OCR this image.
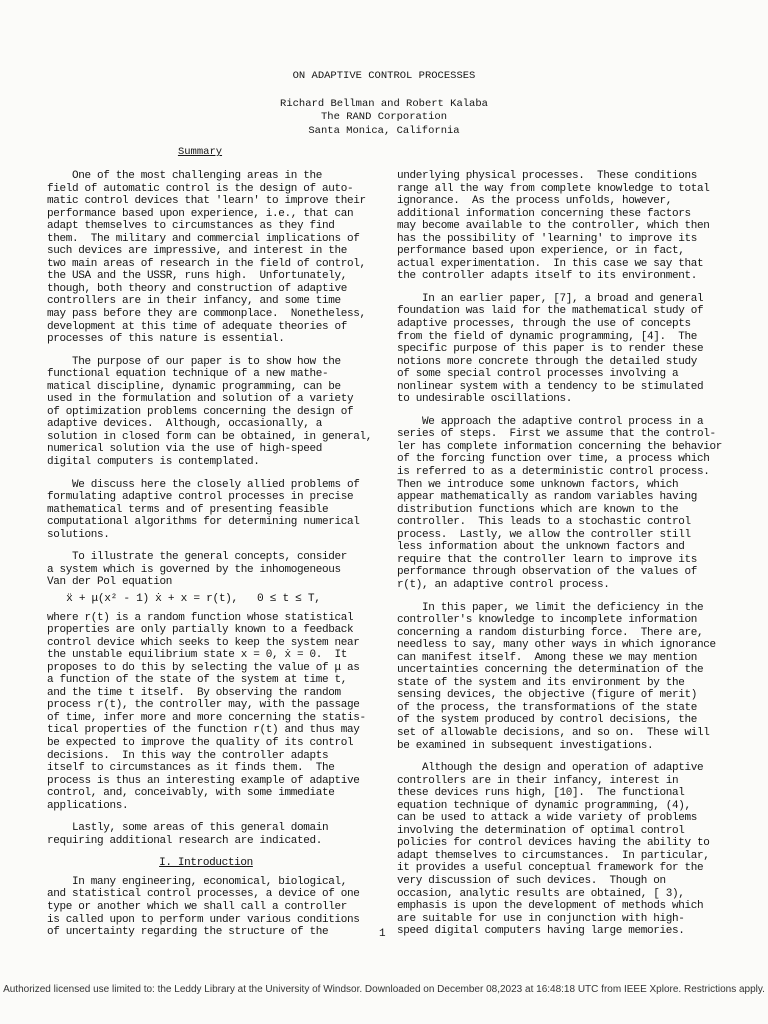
ON ADAPTIVE CONTROL PROCESSES
Richard Bellman and Robert Kalaba
The RAND Corporation
Santa Monica, California
Summary
One of the most challenging areas in the
field of automatic control is the design of auto-
matic control devices that 'learn' to improve their
performance based upon experience, i.e., that can
adapt themselves to circumstances as they find
them.  The military and commercial implications of
such devices are impressive, and interest in the
two main areas of research in the field of control,
the USA and the USSR, runs high.  Unfortunately,
though, both theory and construction of adaptive
controllers are in their infancy, and some time
may pass before they are commonplace.  Nonetheless,
development at this time of adequate theories of
processes of this nature is essential.
The purpose of our paper is to show how the
functional equation technique of a new mathe-
matical discipline, dynamic programming, can be
used in the formulation and solution of a variety
of optimization problems concerning the design of
adaptive devices.  Although, occasionally, a
solution in closed form can be obtained, in general,
numerical solution via the use of high-speed
digital computers is contemplated.
We discuss here the closely allied problems of
formulating adaptive control processes in precise
mathematical terms and of presenting feasible
computational algorithms for determining numerical
solutions.
To illustrate the general concepts, consider
a system which is governed by the inhomogeneous
Van der Pol equation
ẍ + μ(x² - 1) ẋ + x = r(t),   0 ≤ t ≤ T,
where r(t) is a random function whose statistical
properties are only partially known to a feedback
control device which seeks to keep the system near
the unstable equilibrium state x = 0, ẋ = 0.  It
proposes to do this by selecting the value of μ as
a function of the state of the system at time t,
and the time t itself.  By observing the random
process r(t), the controller may, with the passage
of time, infer more and more concerning the statis-
tical properties of the function r(t) and thus may
be expected to improve the quality of its control
decisions.  In this way the controller adapts
itself to circumstances as it finds them.  The
process is thus an interesting example of adaptive
control, and, conceivably, with some immediate
applications.
Lastly, some areas of this general domain
requiring additional research are indicated.
I. Introduction
In many engineering, economical, biological,
and statistical control processes, a device of one
type or another which we shall call a controller
is called upon to perform under various conditions
of uncertainty regarding the structure of the
underlying physical processes.  These conditions
range all the way from complete knowledge to total
ignorance.  As the process unfolds, however,
additional information concerning these factors
may become available to the controller, which then
has the possibility of 'learning' to improve its
performance based upon experience, or in fact,
actual experimentation.  In this case we say that
the controller adapts itself to its environment.
In an earlier paper, [7], a broad and general
foundation was laid for the mathematical study of
adaptive processes, through the use of concepts
from the field of dynamic programming, [4].  The
specific purpose of this paper is to render these
notions more concrete through the detailed study
of some special control processes involving a
nonlinear system with a tendency to be stimulated
to undesirable oscillations.
We approach the adaptive control process in a
series of steps.  First we assume that the control-
ler has complete information concerning the behavior
of the forcing function over time, a process which
is referred to as a deterministic control process.
Then we introduce some unknown factors, which
appear mathematically as random variables having
distribution functions which are known to the
controller.  This leads to a stochastic control
process.  Lastly, we allow the controller still
less information about the unknown factors and
require that the controller learn to improve its
performance through observation of the values of
r(t), an adaptive control process.
In this paper, we limit the deficiency in the
controller's knowledge to incomplete information
concerning a random disturbing force.  There are,
needless to say, many other ways in which ignorance
can manifest itself.  Among these we may mention
uncertainties concerning the determination of the
state of the system and its environment by the
sensing devices, the objective (figure of merit)
of the process, the transformations of the state
of the system produced by control decisions, the
set of allowable decisions, and so on.  These will
be examined in subsequent investigations.
Although the design and operation of adaptive
controllers are in their infancy, interest in
these devices runs high, [10].  The functional
equation technique of dynamic programming, (4),
can be used to attack a wide variety of problems
involving the determination of optimal control
policies for control devices having the ability to
adapt themselves to circumstances.  In particular,
it provides a useful conceptual framework for the
very discussion of such devices.  Though on
occasion, analytic results are obtained, [ 3),
emphasis is upon the development of methods which
are suitable for use in conjunction with high-
speed digital computers having large memories.
1
Authorized licensed use limited to: the Leddy Library at the University of Windsor. Downloaded on December 08,2023 at 16:48:18 UTC from IEEE Xplore. Restrictions apply.
